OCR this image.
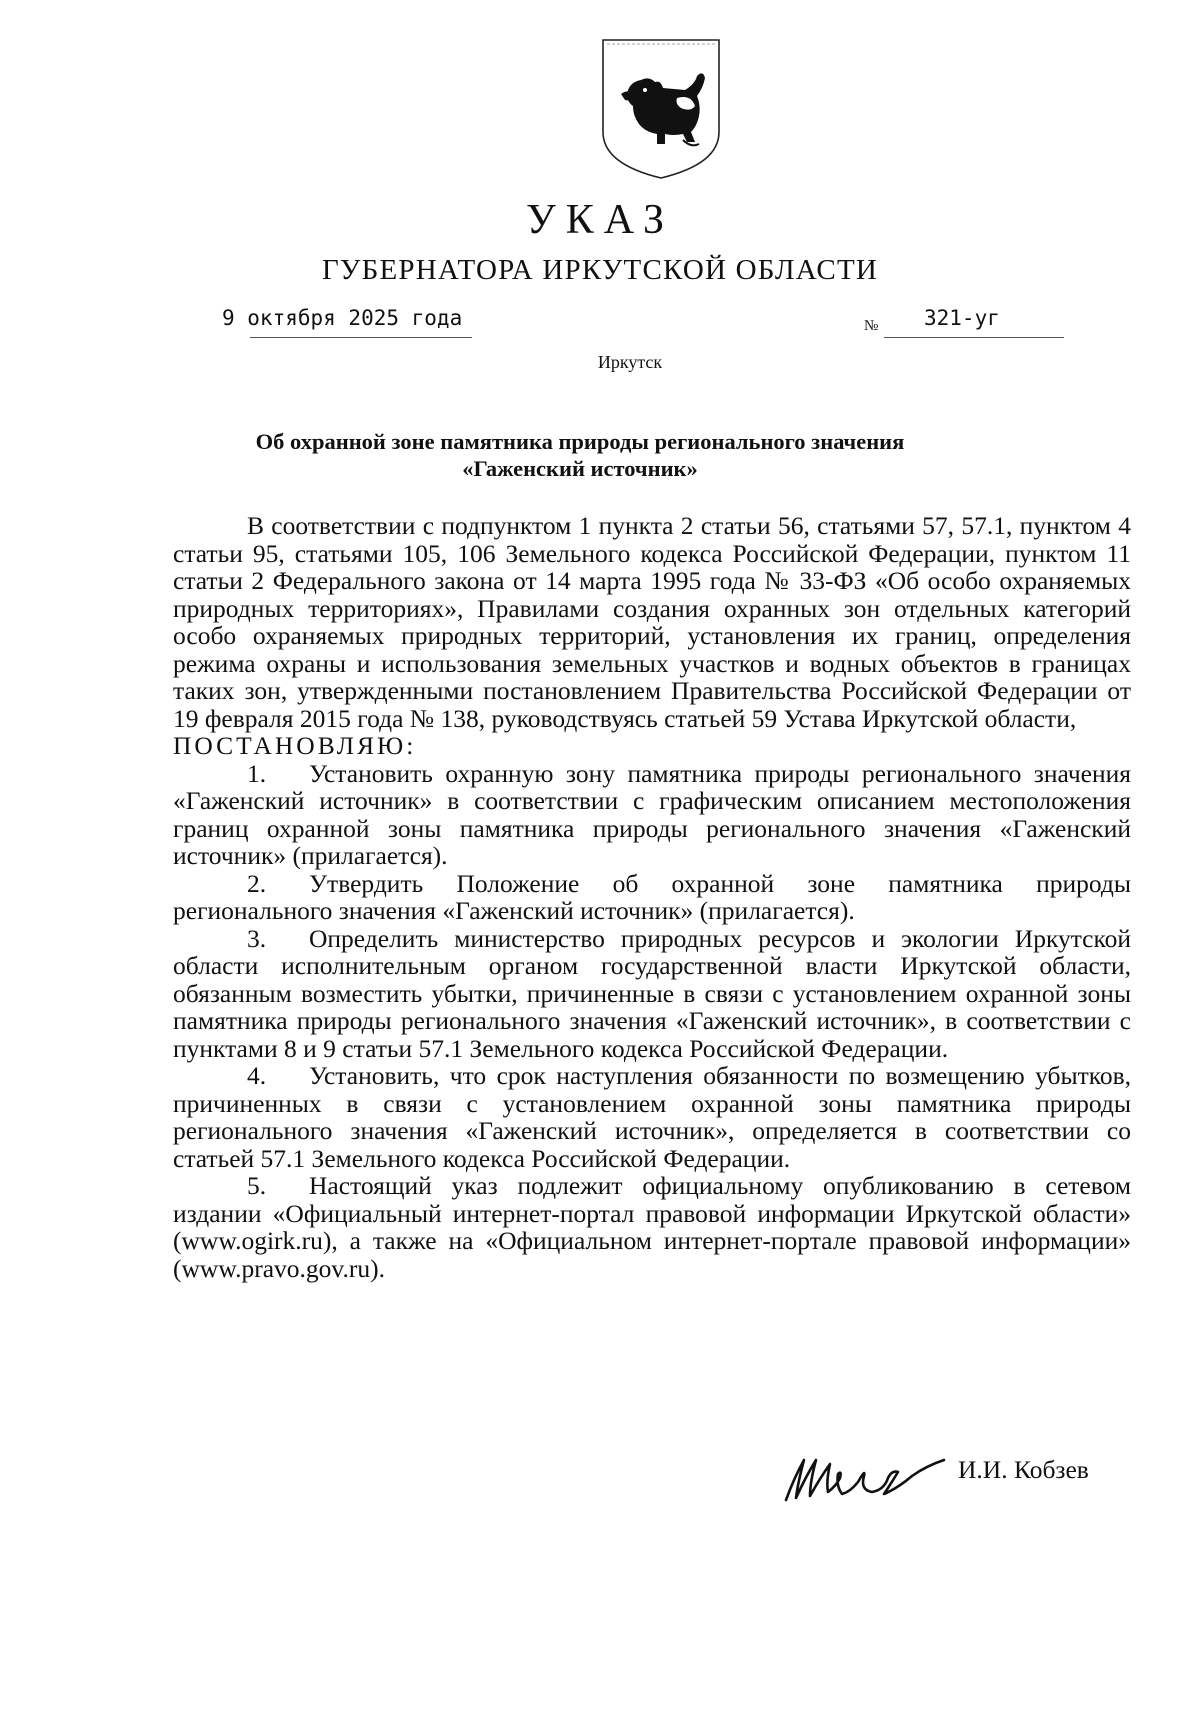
УКАЗ
ГУБЕРНАТОРА ИРКУТСКОЙ ОБЛАСТИ
9 октября 2025 года	№ 321-уг
Иркутск
Об охранной зоне памятника природы регионального значения
«Гаженский источник»

В соответствии с подпунктом 1 пункта 2 статьи 56, статьями 57, 57.1, пунктом 4 статьи 95, статьями 105, 106 Земельного кодекса Российской Федерации, пунктом 11 статьи 2 Федерального закона от 14 марта 1995 года № 33-ФЗ «Об особо охраняемых природных территориях», Правилами создания охранных зон отдельных категорий особо охраняемых природных территорий, установления их границ, определения режима охраны и использования земельных участков и водных объектов в границах таких зон, утвержденными постановлением Правительства Российской Федерации от 19 февраля 2015 года № 138, руководствуясь статьей 59 Устава Иркутской области,

ПОСТАНОВЛЯЮ:
1. Установить охранную зону памятника природы регионального значения «Гаженский источник» в соответствии с графическим описанием местоположения границ охранной зоны памятника природы регионального значения «Гаженский источник» (прилагается).
2. Утвердить Положение об охранной зоне памятника природы регионального значения «Гаженский источник» (прилагается).
3. Определить министерство природных ресурсов и экологии Иркутской области исполнительным органом государственной власти Иркутской области, обязанным возместить убытки, причиненные в связи с установлением охранной зоны памятника природы регионального значения «Гаженский источник», в соответствии с пунктами 8 и 9 статьи 57.1 Земельного кодекса Российской Федерации.
4. Установить, что срок наступления обязанности по возмещению убытков, причиненных в связи с установлением охранной зоны памятника природы регионального значения «Гаженский источник», определяется в соответствии со статьей 57.1 Земельного кодекса Российской Федерации.
5. Настоящий указ подлежит официальному опубликованию в сетевом издании «Официальный интернет-портал правовой информации Иркутской области» (www.ogirk.ru), а также на «Официальном интернет-портале правовой информации» (www.pravo.gov.ru).
И.И. Кобзев
